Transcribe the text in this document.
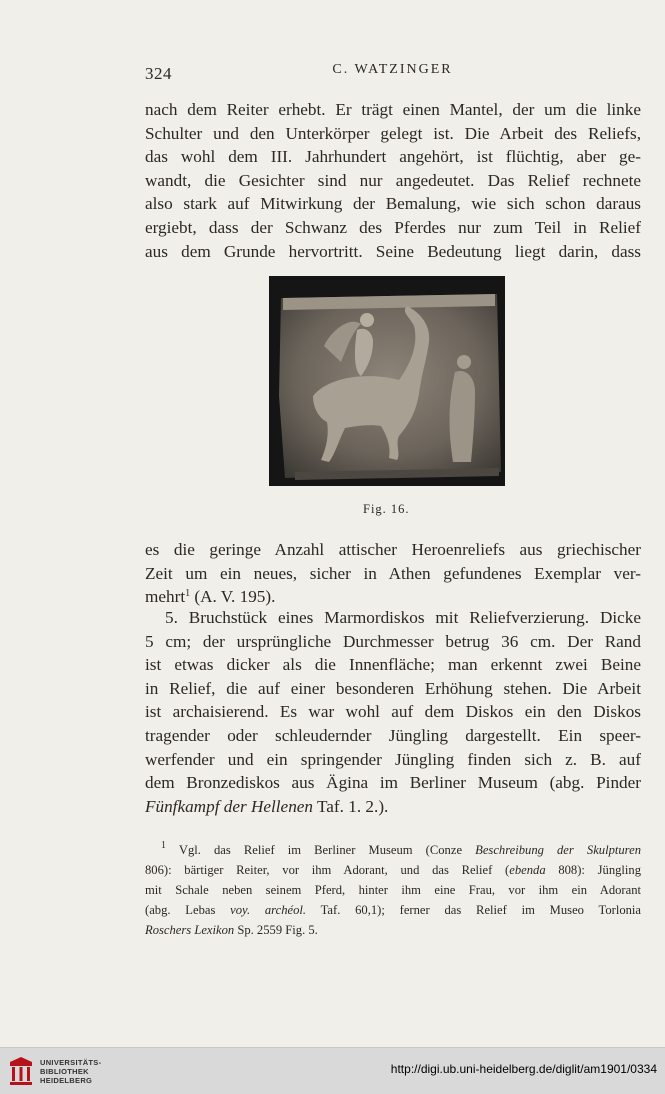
324	C. WATZINGER
nach dem Reiter erhebt. Er trägt einen Mantel, der um die linke
Schulter und den Unterkörper gelegt ist. Die Arbeit des Reliefs,
das wohl dem III. Jahrhundert angehört, ist flüchtig, aber ge-
wandt, die Gesichter sind nur angedeutet. Das Relief rechnete
also stark auf Mitwirkung der Bemalung, wie sich schon daraus
ergiebt, dass der Schwanz des Pferdes nur zum Teil in Relief
aus dem Grunde hervortritt. Seine Bedeutung liegt darin, dass
Fig. 16.
es die geringe Anzahl attischer Heroenreliefs aus griechischer
Zeit um ein neues, sicher in Athen gefundenes Exemplar ver-
mehrt$^1$ (A. V. 195).
5. Bruchstück eines Marmordiskos mit Reliefverzierung. Dicke
5 cm; der ursprüngliche Durchmesser betrug 36 cm. Der Rand
ist etwas dicker als die Innenfläche; man erkennt zwei Beine
in Relief, die auf einer besonderen Erhöhung stehen. Die Arbeit
ist archaisierend. Es war wohl auf dem Diskos ein den Diskos
tragender oder schleudernder Jüngling dargestellt. Ein speer-
werfender und ein springender Jüngling finden sich z. B. auf
dem Bronzediskos aus Ägina im Berliner Museum (abg. Pinder
Fünfkampf der Hellenen Taf. 1. 2.).
$^1$ Vgl. das Relief im Berliner Museum (Conze Beschreibung der Skulpturen
806): bärtiger Reiter, vor ihm Adorant, und das Relief (ebenda 808): Jüngling
mit Schale neben seinem Pferd, hinter ihm eine Frau, vor ihm ein Adorant
(abg. Lebas voy. archéol. Taf. 60,1); ferner das Relief im Museo Torlonia
Roschers Lexikon Sp. 2559 Fig. 5.
UNIVERSITÄTS-
BIBLIOTHEK
HEIDELBERG
http://digi.ub.uni-heidelberg.de/diglit/am1901/0334
